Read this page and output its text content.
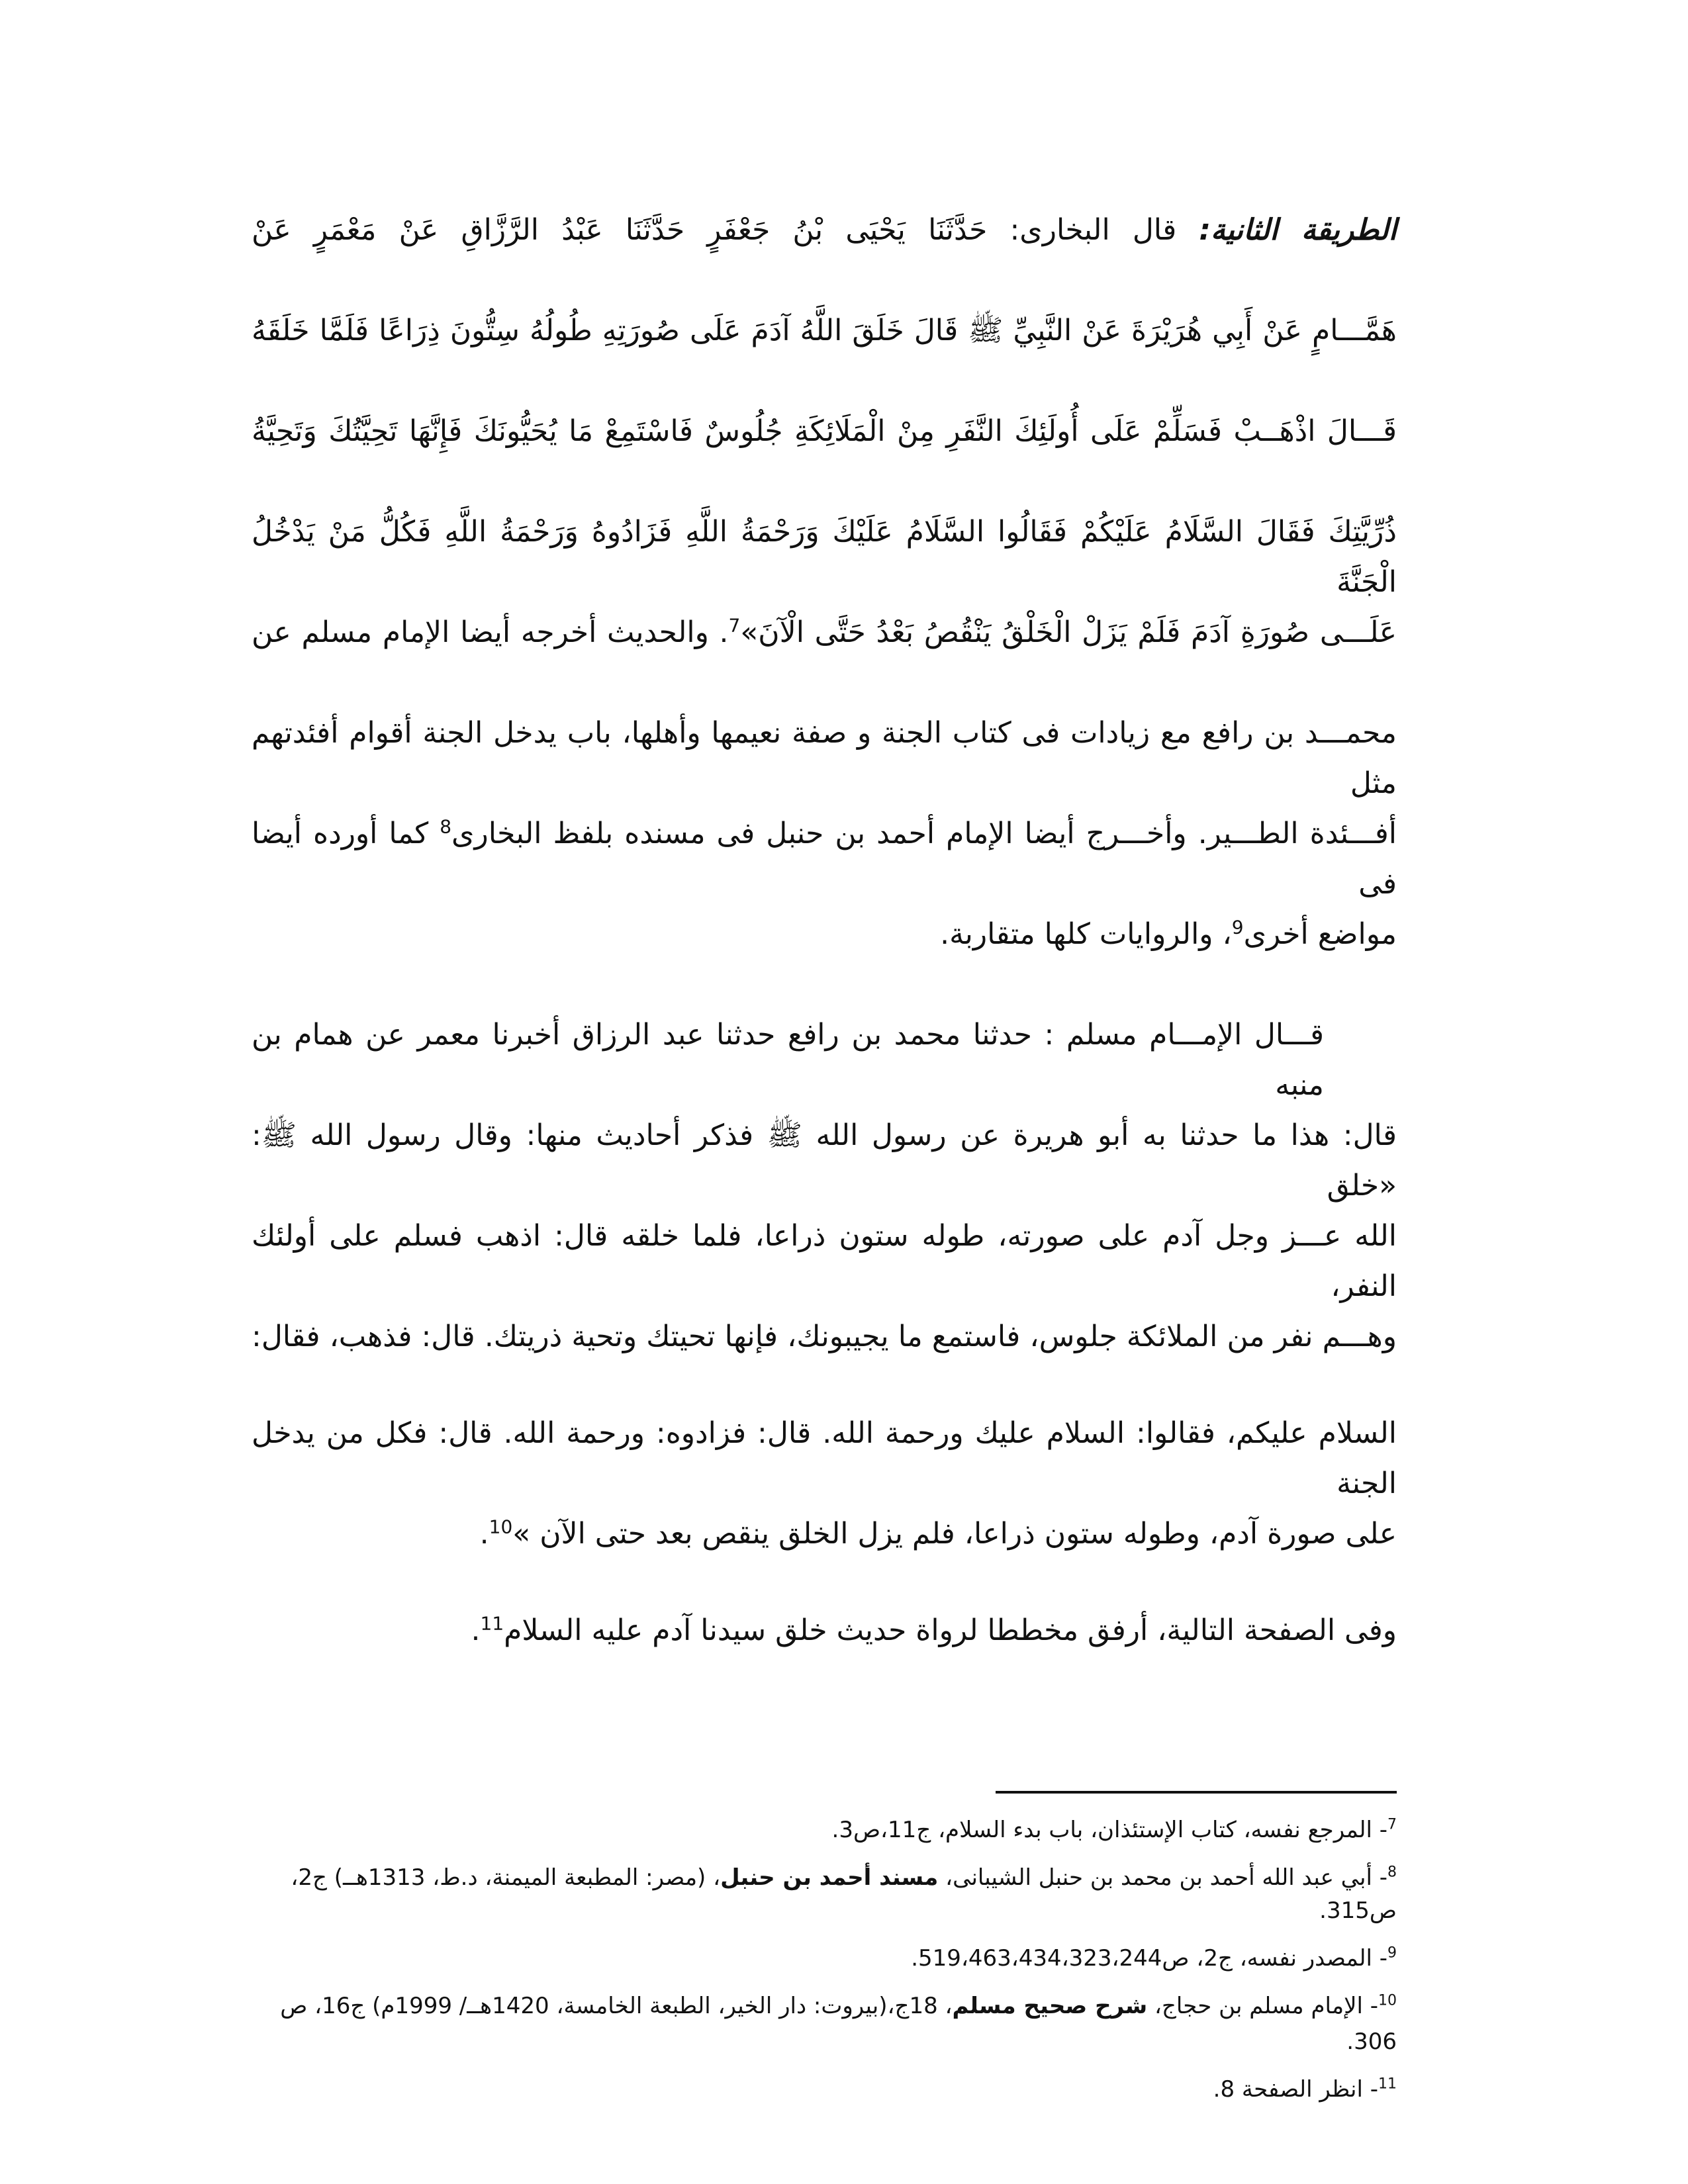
الطريقة الثانية: قال البخارى: حَدَّثَنَا يَحْيَى بْنُ جَعْفَرٍ حَدَّثَنَا عَبْدُ الرَّزَّاقِ عَنْ مَعْمَرٍ عَنْ
هَمَّـــامٍ عَنْ أَبِي هُرَيْرَةَ عَنْ النَّبِيِّ ﷺ قَالَ خَلَقَ اللَّهُ آدَمَ عَلَى صُورَتِهِ طُولُهُ سِتُّونَ ذِرَاعًا فَلَمَّا خَلَقَهُ
قَـــالَ اذْهَــبْ فَسَلِّمْ عَلَى أُولَئِكَ النَّفَرِ مِنْ الْمَلَائِكَةِ جُلُوسٌ فَاسْتَمِعْ مَا يُحَيُّونَكَ فَإِنَّهَا تَحِيَّتُكَ وَتَحِيَّةُ
ذُرِّيَّتِكَ فَقَالَ السَّلَامُ عَلَيْكُمْ فَقَالُوا السَّلَامُ عَلَيْكَ وَرَحْمَةُ اللَّهِ فَزَادُوهُ وَرَحْمَةُ اللَّهِ فَكُلُّ مَنْ يَدْخُلُ الْجَنَّةَ
عَلَـــى صُورَةِ آدَمَ فَلَمْ يَزَلْ الْخَلْقُ يَنْقُصُ بَعْدُ حَتَّى الْآنَ»$^7$. والحديث أخرجه أيضا الإمام مسلم عن
محمـــد بن رافع مع زيادات فى كتاب الجنة و صفة نعيمها وأهلها، باب يدخل الجنة أقوام أفئدتهم مثل
أفـــئدة الطـــير. وأخـــرج أيضا الإمام أحمد بن حنبل فى مسنده بلفظ البخارى$^8$ كما أورده أيضا فى
مواضع أخرى$^9$، والروايات كلها متقاربة.
قـــال الإمـــام مسلم : حدثنا محمد بن رافع حدثنا عبد الرزاق أخبرنا معمر عن همام بن منبه
قال: هذا ما حدثنا به أبو هريرة عن رسول الله ﷺ فذكر أحاديث منها: وقال رسول الله ﷺ: «خلق
الله عـــز وجل آدم على صورته، طوله ستون ذراعا، فلما خلقه قال: اذهب فسلم على أولئك النفر،
وهـــم نفر من الملائكة جلوس، فاستمع ما يجيبونك، فإنها تحيتك وتحية ذريتك. قال: فذهب، فقال:
السلام عليكم، فقالوا: السلام عليك ورحمة الله. قال: فزادوه: ورحمة الله. قال: فكل من يدخل الجنة
على صورة آدم، وطوله ستون ذراعا، فلم يزل الخلق ينقص بعد حتى الآن »$^{10}$.
وفى الصفحة التالية، أرفق مخططا لرواة حديث خلق سيدنا آدم عليه السلام$^{11}$.
$^7$- المرجع نفسه، كتاب الإستئذان، باب بدء السلام، ج11،ص3.
$^8$- أبي عبد الله أحمد بن محمد بن حنبل الشيبانى، مسند أحمد بن حنبل، (مصر: المطبعة الميمنة، د.ط، 1313هــ) ج2، ص315.
$^9$- المصدر نفسه، ج2، ص519،463،434،323،244.
$^{10}$- الإمام مسلم بن حجاج، شرح صحيح مسلم، 18ج،(بيروت: دار الخير، الطبعة الخامسة، 1420هــ/ 1999م) ج16، ص
306.
$^{11}$- انظر الصفحة 8.
